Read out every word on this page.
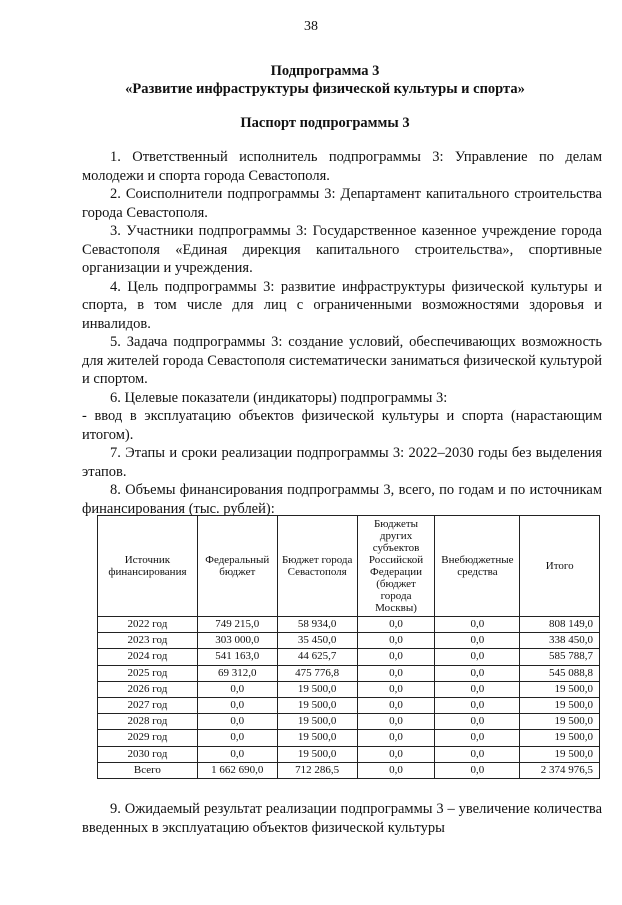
38
Подпрограмма 3
«Развитие инфраструктуры физической культуры и спорта»
Паспорт подпрограммы 3

1. Ответственный исполнитель подпрограммы 3: Управление по делам молодежи и спорта города Севастополя.

2. Соисполнители подпрограммы 3: Департамент капитального строительства города Севастополя.

3. Участники подпрограммы 3: Государственное казенное учреждение города Севастополя «Единая дирекция капитального строительства», спортивные организации и учреждения.

4. Цель подпрограммы 3: развитие инфраструктуры физической культуры и спорта, в том числе для лиц с ограниченными возможностями здоровья и инвалидов.

5. Задача подпрограммы 3: создание условий, обеспечивающих возможность для жителей города Севастополя систематически заниматься физической культурой и спортом.

6. Целевые показатели (индикаторы) подпрограммы 3:

- ввод в эксплуатацию объектов физической культуры и спорта (нарастающим итогом).

7. Этапы и сроки реализации подпрограммы 3: 2022–2030 годы без выделения этапов.

8. Объемы финансирования подпрограммы 3, всего, по годам и по источникам финансирования (тыс. рублей):

Источник финансирования	Федеральный бюджет	Бюджет города Севастополя	Бюджеты других субъектов Российской Федерации (бюджет города Москвы)	Внебюджетные средства	Итого
2022 год	749 215,0	58 934,0	0,0	0,0	808 149,0
2023 год	303 000,0	35 450,0	0,0	0,0	338 450,0
2024 год	541 163,0	44 625,7	0,0	0,0	585 788,7
2025 год	69 312,0	475 776,8	0,0	0,0	545 088,8
2026 год	0,0	19 500,0	0,0	0,0	19 500,0
2027 год	0,0	19 500,0	0,0	0,0	19 500,0
2028 год	0,0	19 500,0	0,0	0,0	19 500,0
2029 год	0,0	19 500,0	0,0	0,0	19 500,0
2030 год	0,0	19 500,0	0,0	0,0	19 500,0
Всего	1 662 690,0	712 286,5	0,0	0,0	2 374 976,5

9. Ожидаемый результат реализации подпрограммы 3 – увеличение количества введенных в эксплуатацию объектов физической культуры
